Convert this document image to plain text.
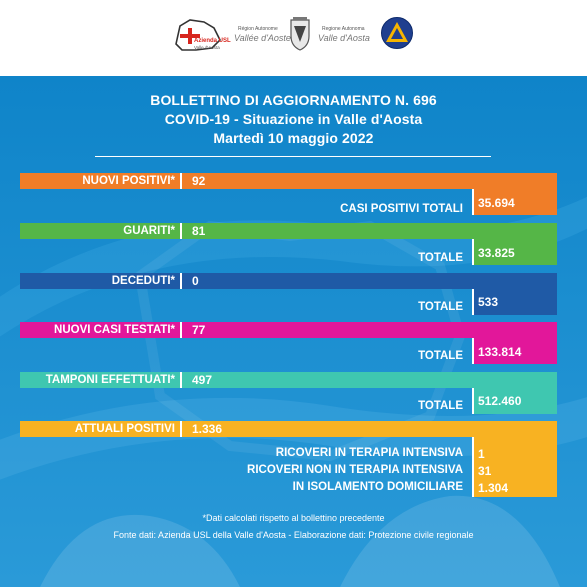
Azienda USL
Valle d'Aosta
Région Autonome
Vallée d'Aoste
Regione Autonoma
Valle d'Aosta
BOLLETTINO DI AGGIORNAMENTO N. 696
COVID-19 - Situazione in Valle d'Aosta
Martedì 10 maggio 2022
NUOVI POSITIVI* 92
CASI POSITIVI TOTALI 35.694
GUARITI* 81
TOTALE 33.825
DECEDUTI* 0
TOTALE 533
NUOVI CASI TESTATI* 77
TOTALE 133.814
TAMPONI EFFETTUATI* 497
TOTALE 512.460
ATTUALI POSITIVI 1.336
RICOVERI IN TERAPIA INTENSIVA 1
RICOVERI NON IN TERAPIA INTENSIVA 31
IN ISOLAMENTO DOMICILIARE 1.304
*Dati calcolati rispetto al bollettino precedente
Fonte dati: Azienda USL della Valle d'Aosta - Elaborazione dati: Protezione civile regionale
